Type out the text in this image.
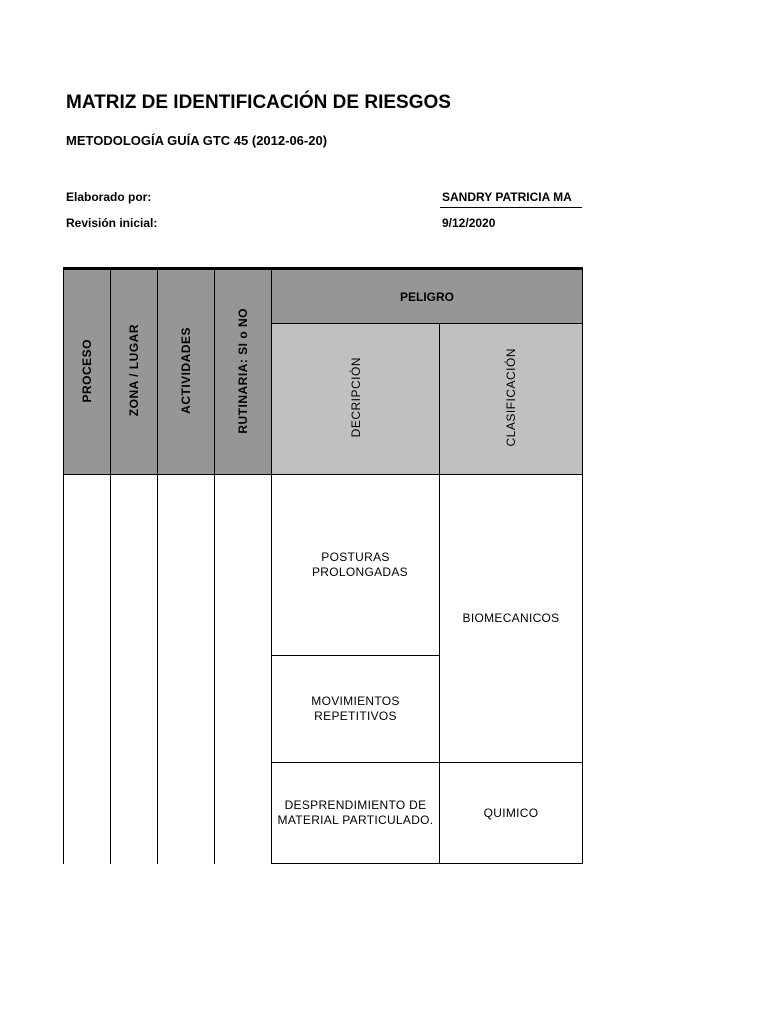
MATRIZ DE IDENTIFICACIÓN DE RIESGOS
METODOLOGÍA GUÍA GTC 45 (2012-06-20)
Elaborado por:	SANDRY PATRICIA MA
Revisión inicial:	9/12/2020
PROCESO	ZONA / LUGAR	ACTIVIDADES	RUTINARIA: SI o NO	PELIGRO	
				DECRIPCIÓN	CLASIFICACIÓN

				POSTURAS PROLONGADAS	BIOMECANICOS

				MOVIMIENTOS REPETITIVOS	

				DESPRENDIMIENTO DE MATERIAL PARTICULADO.	QUIMICO
